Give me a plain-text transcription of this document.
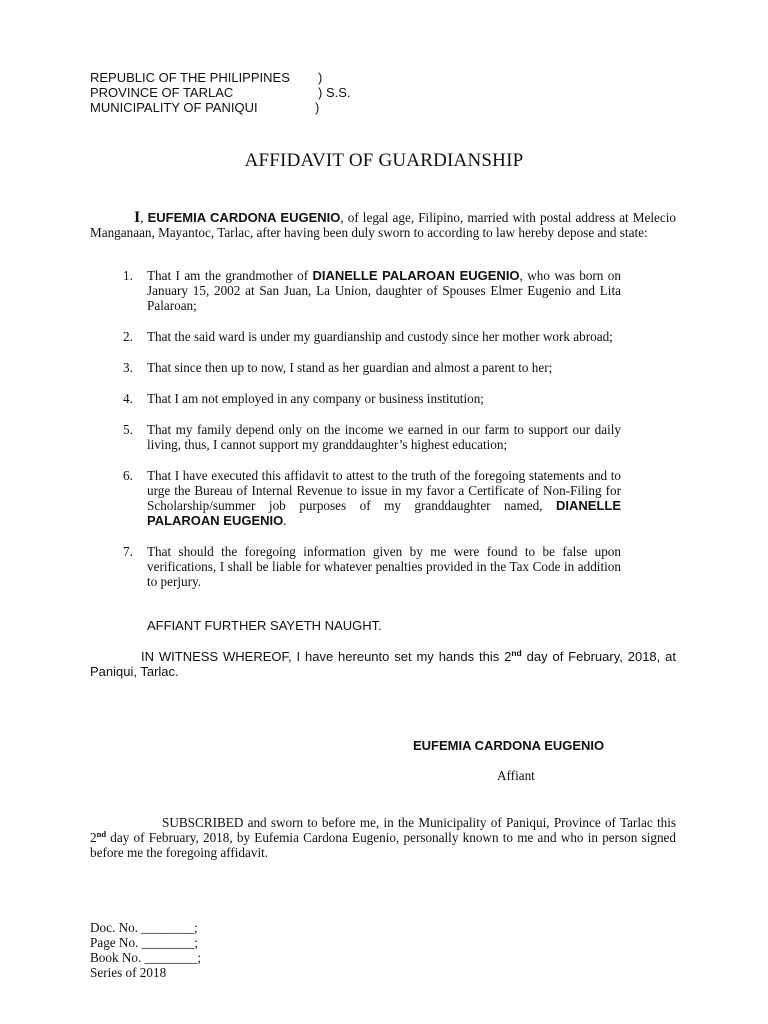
REPUBLIC OF THE PHILIPPINES )
PROVINCE OF TARLAC	) S.S.
MUNICIPALITY OF PANIQUI	)
AFFIDAVIT OF GUARDIANSHIP
I, EUFEMIA CARDONA EUGENIO, of legal age, Filipino, married with postal address at Melecio Manganaan, Mayantoc, Tarlac, after having been duly sworn to according to law hereby depose and state:
1. That I am the grandmother of DIANELLE PALAROAN EUGENIO, who was born on January 15, 2002 at San Juan, La Union, daughter of Spouses Elmer Eugenio and Lita Palaroan;
2. That the said ward is under my guardianship and custody since her mother work abroad;
3. That since then up to now, I stand as her guardian and almost a parent to her;
4. That I am not employed in any company or business institution;
5. That my family depend only on the income we earned in our farm to support our daily living, thus, I cannot support my granddaughter’s highest education;
6. That I have executed this affidavit to attest to the truth of the foregoing statements and to urge the Bureau of Internal Revenue to issue in my favor a Certificate of Non-Filing for Scholarship/summer job purposes of my granddaughter named, DIANELLE PALAROAN EUGENIO.
7. That should the foregoing information given by me were found to be false upon verifications, I shall be liable for whatever penalties provided in the Tax Code in addition to perjury.
AFFIANT FURTHER SAYETH NAUGHT.
IN WITNESS WHEREOF, I have hereunto set my hands this 2nd day of February, 2018, at Paniqui, Tarlac.
EUFEMIA CARDONA EUGENIO
Affiant
SUBSCRIBED and sworn to before me, in the Municipality of Paniqui, Province of Tarlac this 2nd day of February, 2018, by Eufemia Cardona Eugenio, personally known to me and who in person signed before me the foregoing affidavit.
Doc. No. ________;
Page No. ________;
Book No. ________;
Series of 2018
